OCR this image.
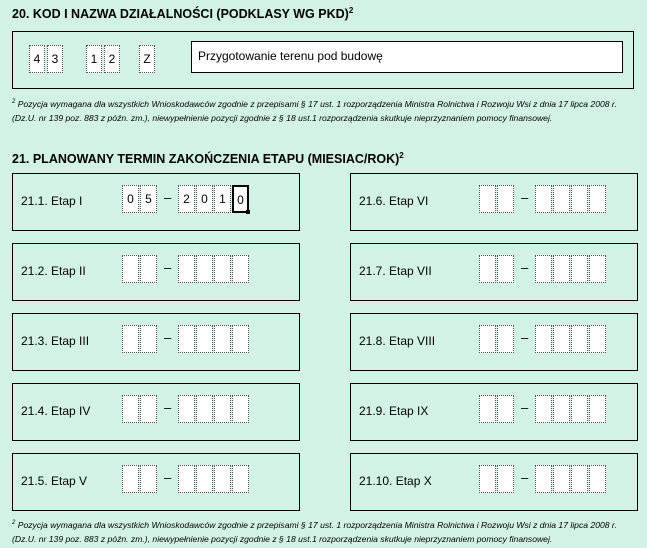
20. KOD I NAZWA DZIAŁALNOŚCI (PODKLASY WG PKD)$^2$
4 3	1 2	Z	Przygotowanie terenu pod budowę
$^2$ Pozycja wymagana dla wszystkich Wnioskodawców zgodnie z przepisami § 17 ust. 1 rozporządzenia Ministra Rolnictwa i Rozwoju Wsi z dnia 17 lipca 2008 r. (Dz.U. nr 139 poz. 883 z późn. zm.), niewypełnienie pozycji zgodnie z § 18 ust.1 rozporządzenia skutkuje nieprzyznaniem pomocy finansowej.
21. PLANOWANY TERMIN ZAKOŃCZENIA ETAPU (MIESIAC/ROK)$^2$
21.1. Etap I	0 5 – 2 0 1 0
21.2. Etap II	–
21.3. Etap III	–
21.4. Etap IV	–
21.5. Etap V	–
21.6. Etap VI	–
21.7. Etap VII	–
21.8. Etap VIII	–
21.9. Etap IX	–
21.10. Etap X	–
$^2$ Pozycja wymagana dla wszystkich Wnioskodawców zgodnie z przepisami § 17 ust. 1 rozporządzenia Ministra Rolnictwa i Rozwoju Wsi z dnia 17 lipca 2008 r. (Dz.U. nr 139 poz. 883 z późn. zm.), niewypełnienie pozycji zgodnie z § 18 ust.1 rozporządzenia skutkuje nieprzyznaniem pomocy finansowej.
